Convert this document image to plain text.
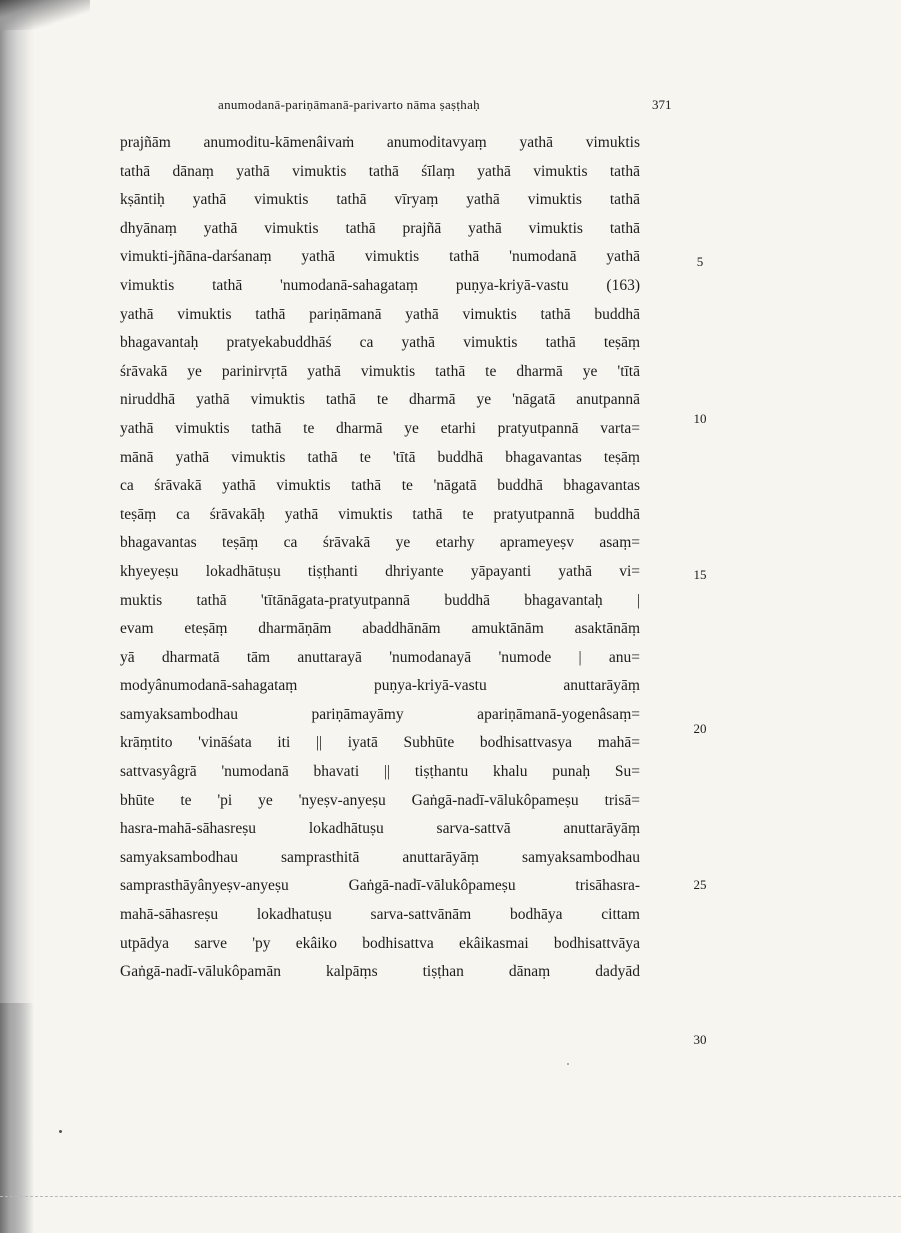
anumodanā-pariṇāmanā-parivarto nāma ṣaṣṭhaḥ	371
prajñām anumoditu-kāmenâivaṁ anumoditavyaṃ yathā vimuktis
tathā dānaṃ yathā vimuktis tathā śīlaṃ yathā vimuktis tathā
kṣāntiḥ yathā vimuktis tathā vīryaṃ yathā vimuktis tathā
dhyānaṃ yathā vimuktis tathā prajñā yathā vimuktis tathā
vimukti-jñāna-darśanaṃ yathā vimuktis tathā 'numodanā yathā
vimuktis tathā 'numodanā-sahagataṃ puṇya-kriyā-vastu (163)
yathā vimuktis tathā pariṇāmanā yathā vimuktis tathā buddhā
bhagavantaḥ pratyekabuddhāś ca yathā vimuktis tathā teṣāṃ
śrāvakā ye parinirvṛtā yathā vimuktis tathā te dharmā ye 'tītā
niruddhā yathā vimuktis tathā te dharmā ye 'nāgatā anutpannā
yathā vimuktis tathā te dharmā ye etarhi pratyutpannā varta=
mānā yathā vimuktis tathā te 'tītā buddhā bhagavantas teṣāṃ
ca śrāvakā yathā vimuktis tathā te 'nāgatā buddhā bhagavantas
teṣāṃ ca śrāvakāḥ yathā vimuktis tathā te pratyutpannā buddhā
bhagavantas teṣāṃ ca śrāvakā ye etarhy aprameyeṣv asaṃ=
khyeyeṣu lokadhātuṣu tiṣṭhanti dhriyante yāpayanti yathā vi=
muktis tathā 'tītānāgata-pratyutpannā buddhā bhagavantaḥ |
evam eteṣāṃ dharmāṇām abaddhānām amuktānām asaktānāṃ
yā dharmatā tām anuttarayā 'numodanayā 'numode | anu=
modyânumodanā-sahagataṃ puṇya-kriyā-vastu anuttarāyāṃ
samyaksambodhau pariṇāmayāmy apariṇāmanā-yogenâsaṃ=
krāṃtito 'vināśata iti || iyatā Subhūte bodhisattvasya mahā=
sattvasyâgrā 'numodanā bhavati || tiṣṭhantu khalu punaḥ Su=
bhūte te 'pi ye 'nyeṣv-anyeṣu Gaṅgā-nadī-vālukôpameṣu trisā=
hasra-mahā-sāhasreṣu lokadhātuṣu sarva-sattvā anuttarāyāṃ
samyaksambodhau samprasthitā anuttarāyāṃ samyaksambodhau
samprasthāyânyeṣv-anyeṣu Gaṅgā-nadī-vālukôpameṣu trisāhasra-
mahā-sāhasreṣu lokadhatuṣu sarva-sattvānām bodhāya cittam
utpādya sarve 'py ekâiko bodhisattva ekâikasmai bodhisattvāya
Gaṅgā-nadī-vālukôpamān kalpāṃs tiṣṭhan dānaṃ dadyād
5
10
15
20
25
30
